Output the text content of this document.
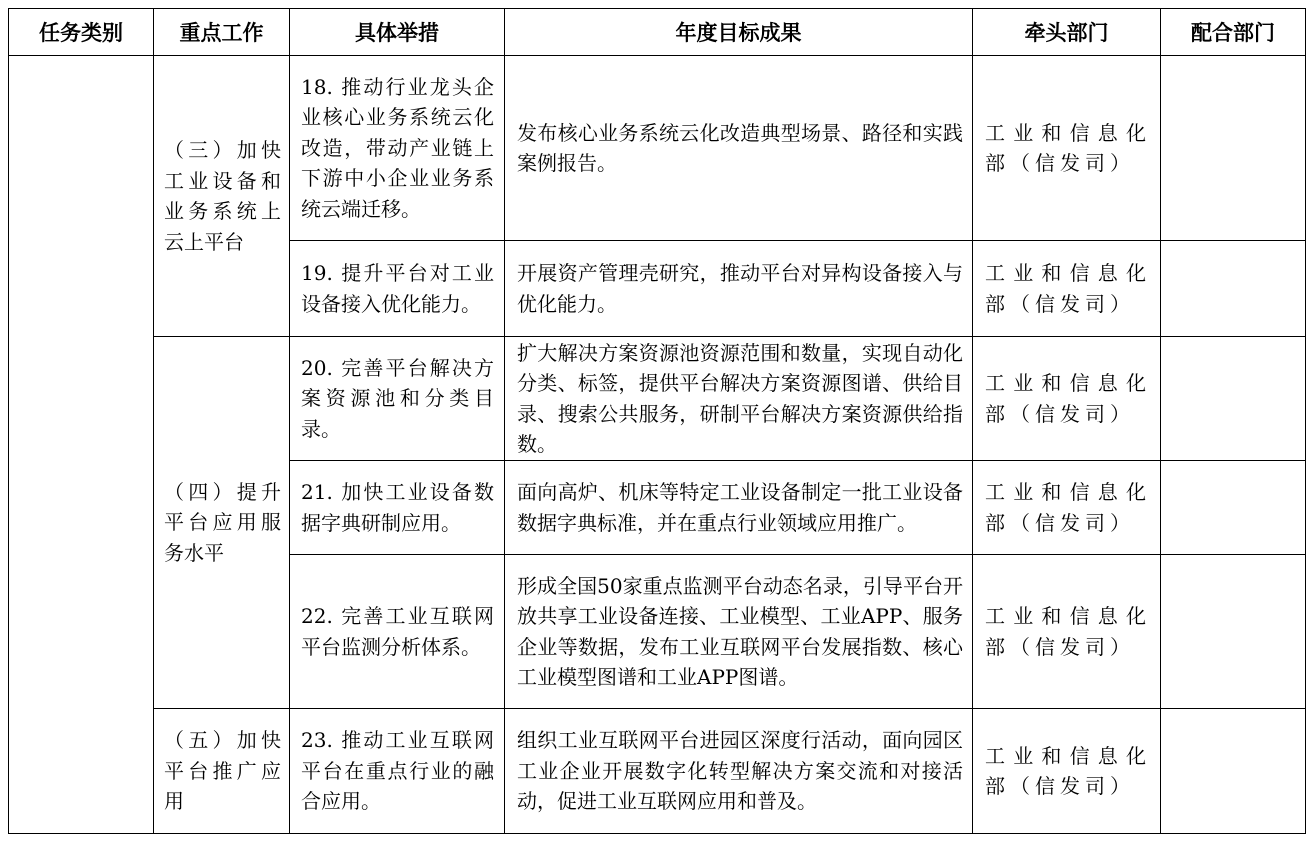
任务类别	重点工作	具体举措	年度目标成果	牵头部门	配合部门
	（三）加快工业设备和业务系统上云上平台	18. 推动行业龙头企业核心业务系统云化改造，带动产业链上下游中小企业业务系统云端迁移。	发布核心业务系统云化改造典型场景、路径和实践案例报告。	工业和信息化部（信发司）	
		19. 提升平台对工业设备接入优化能力。	开展资产管理壳研究，推动平台对异构设备接入与优化能力。	工业和信息化部（信发司）	
	（四）提升平台应用服务水平	20. 完善平台解决方案资源池和分类目录。	扩大解决方案资源池资源范围和数量，实现自动化分类、标签，提供平台解决方案资源图谱、供给目录、搜索公共服务，研制平台解决方案资源供给指数。	工业和信息化部（信发司）	
		21. 加快工业设备数据字典研制应用。	面向高炉、机床等特定工业设备制定一批工业设备数据字典标准，并在重点行业领域应用推广。	工业和信息化部（信发司）	
		22. 完善工业互联网平台监测分析体系。	形成全国50家重点监测平台动态名录，引导平台开放共享工业设备连接、工业模型、工业APP、服务企业等数据，发布工业互联网平台发展指数、核心工业模型图谱和工业APP图谱。	工业和信息化部（信发司）	
	（五）加快平台推广应用	23. 推动工业互联网平台在重点行业的融合应用。	组织工业互联网平台进园区深度行活动，面向园区工业企业开展数字化转型解决方案交流和对接活动，促进工业互联网应用和普及。	工业和信息化部（信发司）	
